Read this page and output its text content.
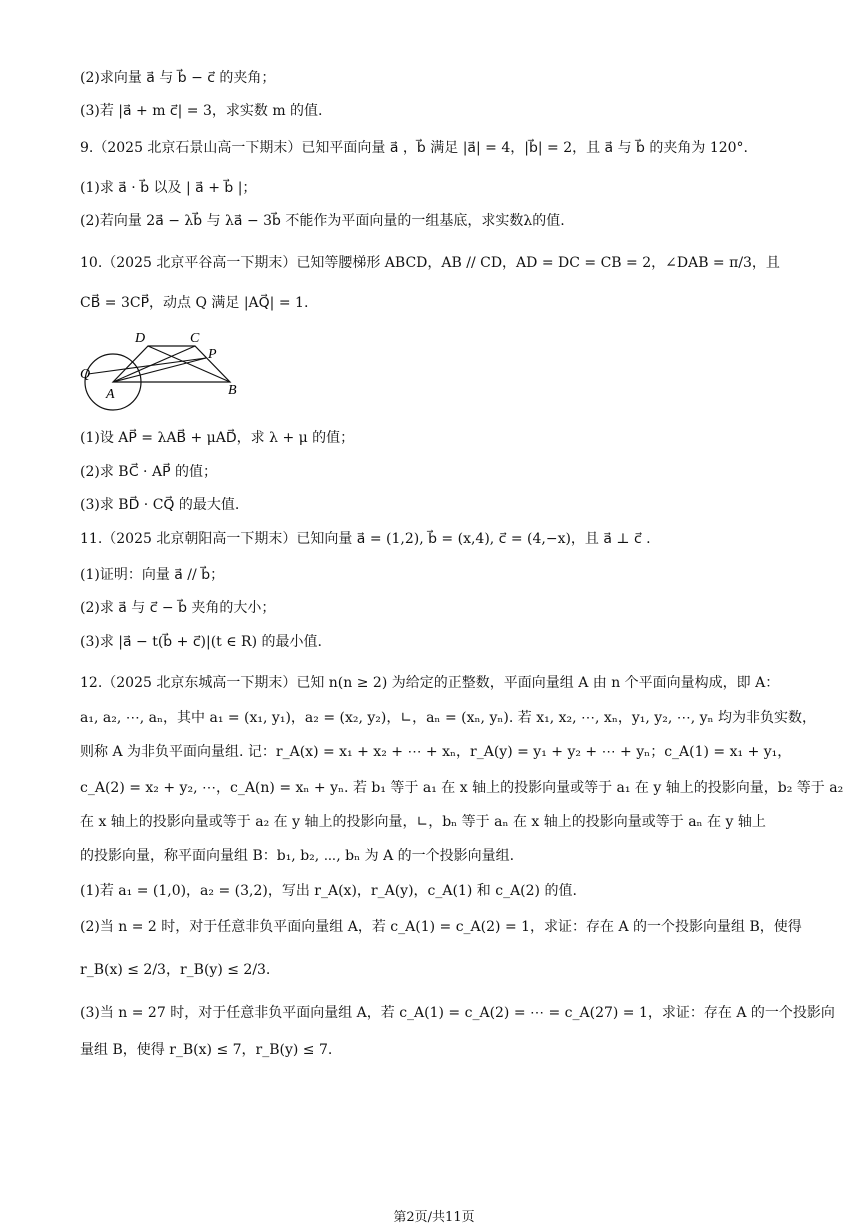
(2)求向量 a⃗ 与 b⃗ − c⃗ 的夹角；
(3)若 |a⃗ + m c⃗| = 3，求实数 m 的值.
9.（2025 北京石景山高一下期末）已知平面向量 a⃗ ，b⃗ 满足 |a⃗| = 4，|b⃗| = 2，且 a⃗ 与 b⃗ 的夹角为 120°.
(1)求 a⃗ · b⃗ 以及 | a⃗ + b⃗ |；
(2)若向量 2a⃗ − λb⃗ 与 λa⃗ − 3b⃗ 不能作为平面向量的一组基底，求实数λ的值.
10.（2025 北京平谷高一下期末）已知等腰梯形 ABCD，AB // CD，AD = DC = CB = 2，∠DAB = π/3，且
CB⃗ = 3CP⃗，动点 Q 满足 |AQ⃗| = 1.
(1)设 AP⃗ = λAB⃗ + μAD⃗，求 λ + μ 的值；
(2)求 BC⃗ · AP⃗ 的值；
(3)求 BD⃗ · CQ⃗ 的最大值.
11.（2025 北京朝阳高一下期末）已知向量 a⃗ = (1,2), b⃗ = (x,4), c⃗ = (4,−x)，且 a⃗ ⊥ c⃗ .
(1)证明：向量 a⃗ // b⃗；
(2)求 a⃗ 与 c⃗ − b⃗ 夹角的大小；
(3)求 |a⃗ − t(b⃗ + c⃗)|(t ∈ R) 的最小值.
12.（2025 北京东城高一下期末）已知 n(n ≥ 2) 为给定的正整数，平面向量组 A 由 n 个平面向量构成，即 A：
a₁, a₂, ⋯, aₙ，其中 a₁ = (x₁, y₁)，a₂ = (x₂, y₂)，∟，aₙ = (xₙ, yₙ). 若 x₁, x₂, ⋯, xₙ，y₁, y₂, ⋯, yₙ 均为非负实数，
则称 A 为非负平面向量组. 记：r_A(x) = x₁ + x₂ + ⋯ + xₙ，r_A(y) = y₁ + y₂ + ⋯ + yₙ；c_A(1) = x₁ + y₁，
c_A(2) = x₂ + y₂, ⋯，c_A(n) = xₙ + yₙ. 若 b₁ 等于 a₁ 在 x 轴上的投影向量或等于 a₁ 在 y 轴上的投影向量，b₂ 等于 a₂
在 x 轴上的投影向量或等于 a₂ 在 y 轴上的投影向量，∟，bₙ 等于 aₙ 在 x 轴上的投影向量或等于 aₙ 在 y 轴上
的投影向量，称平面向量组 B：b₁, b₂, ⋯, bₙ 为 A 的一个投影向量组.
(1)若 a₁ = (1,0)，a₂ = (3,2)，写出 r_A(x)，r_A(y)，c_A(1) 和 c_A(2) 的值.
(2)当 n = 2 时，对于任意非负平面向量组 A，若 c_A(1) = c_A(2) = 1，求证：存在 A 的一个投影向量组 B，使得
r_B(x) ≤ 2/3，r_B(y) ≤ 2/3.
(3)当 n = 27 时，对于任意非负平面向量组 A，若 c_A(1) = c_A(2) = ⋯ = c_A(27) = 1，求证：存在 A 的一个投影向
量组 B，使得 r_B(x) ≤ 7，r_B(y) ≤ 7.
D	C
P
Q
A	B
第2页/共11页
